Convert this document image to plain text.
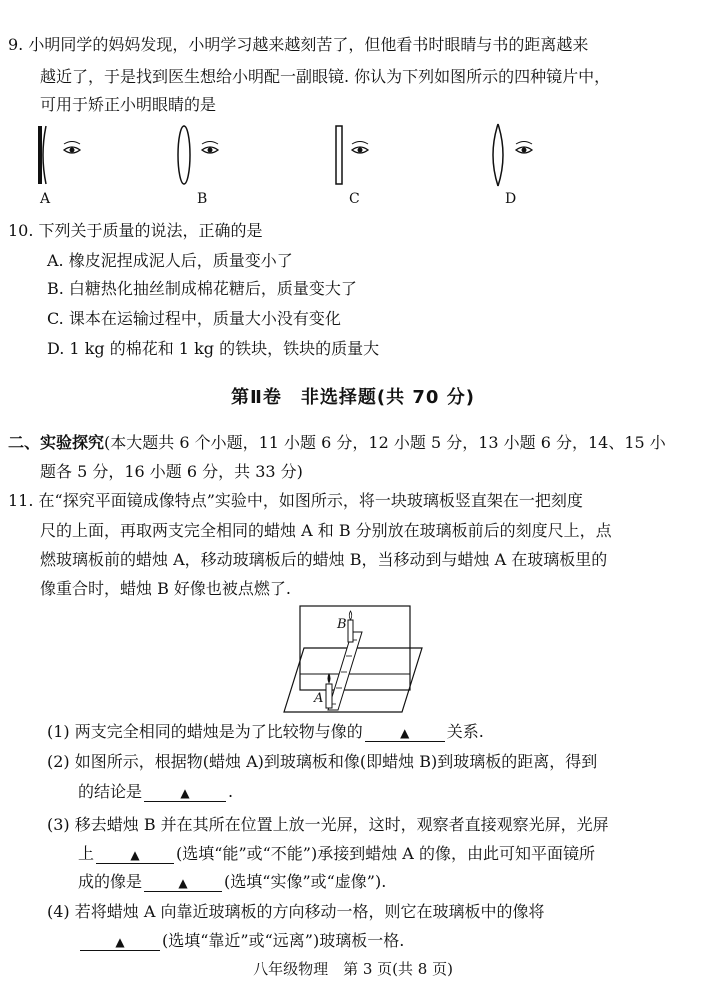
9. 小明同学的妈妈发现，小明学习越来越刻苦了，但他看书时眼睛与书的距离越来
越近了，于是找到医生想给小明配一副眼镜. 你认为下列如图所示的四种镜片中，
可用于矫正小明眼睛的是
A	B	C	D
10. 下列关于质量的说法，正确的是
A. 橡皮泥捏成泥人后，质量变小了
B. 白糖热化抽丝制成棉花糖后，质量变大了
C. 课本在运输过程中，质量大小没有变化
D. 1 kg 的棉花和 1 kg 的铁块，铁块的质量大
第Ⅱ卷　非选择题(共 70 分)
二、实验探究(本大题共 6 个小题，11 小题 6 分，12 小题 5 分，13 小题 6 分，14、15 小
题各 5 分，16 小题 6 分，共 33 分)
11. 在“探究平面镜成像特点”实验中，如图所示，将一块玻璃板竖直架在一把刻度
尺的上面，再取两支完全相同的蜡烛 A 和 B 分别放在玻璃板前后的刻度尺上，点
燃玻璃板前的蜡烛 A，移动玻璃板后的蜡烛 B，当移动到与蜡烛 A 在玻璃板里的
像重合时，蜡烛 B 好像也被点燃了.
B
A
(1) 两支完全相同的蜡烛是为了比较物与像的	▲ 关系.
(2) 如图所示，根据物(蜡烛 A)到玻璃板和像(即蜡烛 B)到玻璃板的距离，得到
的结论是	▲ .
(3) 移去蜡烛 B 并在其所在位置上放一光屏，这时，观察者直接观察光屏，光屏
上	▲ (选填“能”或“不能”)承接到蜡烛 A 的像，由此可知平面镜所
成的像是	▲ (选填“实像”或“虚像”).
(4) 若将蜡烛 A 向靠近玻璃板的方向移动一格，则它在玻璃板中的像将
▲ (选填“靠近”或“远离”)玻璃板一格.
八年级物理　第 3 页(共 8 页)
